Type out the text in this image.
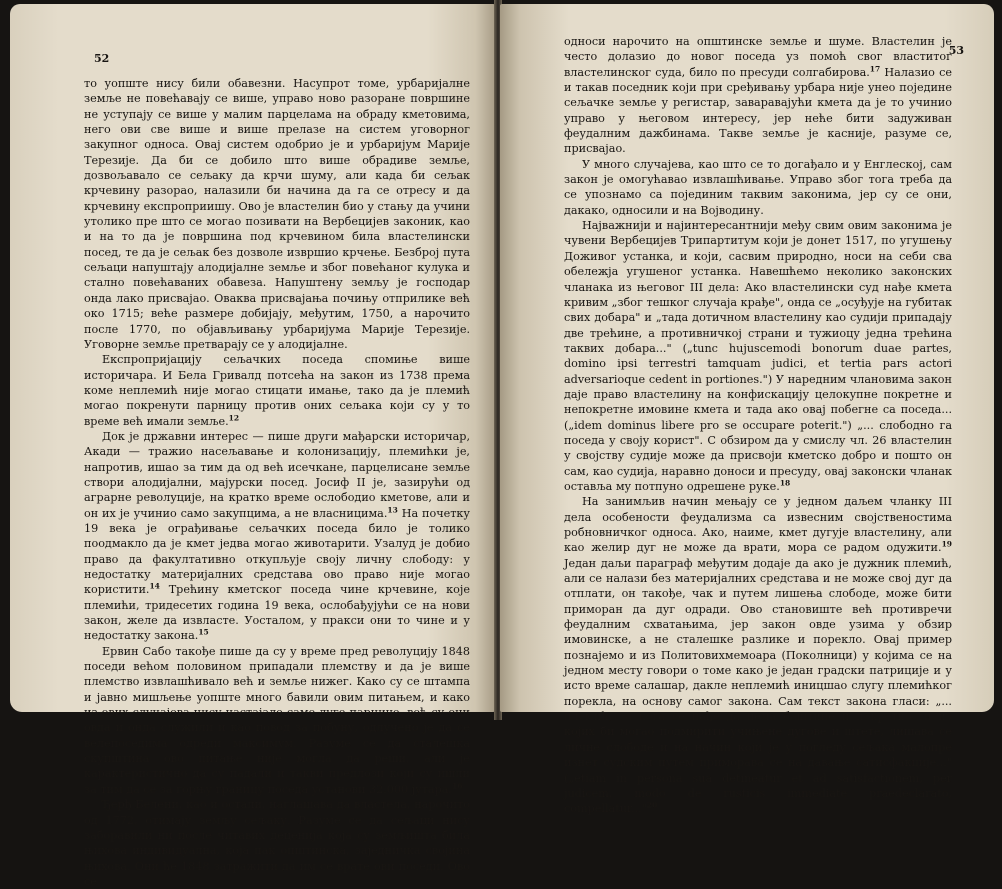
52

то уопште нису били обавезни. Насупрот томе, урбаријалне земље не повећавају се више, управо ново разоране површине не уступају се више у малим парцелама на обраду кметовима, него ови све више и више прелазе на систем уговорног закупног односа. Овај систем одобрио је и урбаријум Марије Терезије. Да би се добило што више обрадиве земље, дозвољавало се сељаку да крчи шуму, али када би сељак крчевину разорао, налазили би начина да га се отресу и да крчевину експроприишу. Ово је властелин био у стању да учини утолико пре што се могао позивати на Вербецијев законик, као и на то да је површина под крчевином била властелински посед, те да је сељак без дозволе извршио крчење. Безброј пута сељаци напуштају алодијалне земље и због повећаног кулука и стално повећаваних обавеза. Напуштену земљу је господар онда лако присвајао. Оваква присвајања почињу отприлике већ око 1715; веће размере добијају, међутим, 1750, а нарочито после 1770, по објављивању урбаријума Марије Терезије. Уговорне земље претварају се у алодијалне.

Експропријацију сељачких поседа спомиње више историчара. И Бела Гривалд потсећа на закон из 1738 према коме неплемић није могао стицати имање, тако да је племић могао покренути парницу против оних сељака који су у то време већ имали земље.$^{12}$

Док је државни интерес — пише други мађарски историчар, Акади — тражио насељавање и колонизацију, племићки је, напротив, ишао за тим да од већ исечкане, парцелисане земље створи алодијални, мајурски посед. Јосиф II је, зазирући од аграрне револуције, на кратко време ослободио кметове, али и он их је учинио само закупцима, а не власницима.$^{13}$ На почетку 19 века је ограђивање сељачких поседа било је толико поодмакло да је кмет једва могао живот​арити. Узалуд је добио право да факултативно откупљује своју личну слободу: у недостатку материјалних средстава ово право није могао користити.$^{14}$ Трећину кметског поседа чине крчевине, које племићи, тридесетих година 19 века, ослобађујући се на нови закон, желе да извласте. Уосталом, у пракси они то чине и у недостатку закона.$^{15}$

Ервин Сабо такође пише да су у време пред револуцију 1848 поседи већом половином припадали племству и да је више племство извлашћивало већ и земље нижег. Како су се штампа и јавно мишљење уопште много бавили овим питањем, и како из ових случајева нису настајале само дуге парнице, већ су они овда и онда служили и као повод за побуну, одлучено је да се велепоседима одреди максимум. Разуме се да сталешка скупштина ово питање није могла да реши, али је карактеристично да су падали и такви предлози који су ишли за тим да се за горњу границу поседа установи 32.000 јутара.$^{16}$

Ђерђ Белени, као и остали, наглашава да властела, нарочито од 1772, отимају земљу сељаку. Разуме се да сељаци нису заборавили ни после читавих деценија која су земљишта била њихова индивидуална, која пак општинска, заједничка својина њихова. Они ће 1848 затражити да им се врате ови поседи. Ово се

53

односи нарочито на општинске земље и шуме. Властелин је често долазио до новог поседа уз помоћ свог властитог властелинског суда, било по пресуди солгабирова.$^{17}$ Налазио се и такав поседник који при сређивању урбара није унео поједине сељачке земље у регистар, заваравајући кмета да је то учинио управо у његовом интересу, јер неће бити задуживан феудалним дажбинама. Такве земље је касније, разуме се, присвајао.

У много случајева, као што се то догађало и у Енглеској, сам закон је омогућавао извлашћивање. Управо због тога треба да се упознамо са појединим таквим законима, јер су се они, дакако, односили и на Војводину.

Најважнији и најинтересантнији међу свим овим законима је чувени Вербецијев Трипартитум који је донет 1517, по угушењу Доживог устанка, и који, сасвим природно, носи на себи сва обележја угушеног устанка. Навешћемо неколико законских чланака из његовог III дела: Ако властелински суд нађе кмета кривим „због тешког случаја крађе", онда се „осуђује на губитак свих добара" и „тада дотичном властелину као судији припадају две трећине, а противничкој страни и тужиоцу једна трећина таквих добара..." („tunc hujuscemodi bonorum duae partes, domino ipsi terrestri tamquam judici, et tertia pars actori adversarioque cedent in portiones.") У наредним члановима закон даје право властелину на конфискацију целокупне покретне и непокретне имовине кмета и тада ако овај побегне са поседа... („idem dominus libere pro se occupare poterit.") „... слободно га поседа у своју корист". С обзиром да у смислу чл. 26 властелин у својству судије може да присвоји кметско добро и пошто он сам, као судија, наравно доноси и пресуду, овај законски чланак оставља му потпуно одрешене руке.$^{18}$

На занимљив начин мењају се у једном даљем чланку III дела особености феудализма са извесним својственостима робновничког односа. Ако, наиме, кмет дугује властелину, али као желир дуг не може да врати, мора се радом одужити.$^{19}$ Један даљи параграф међутим додаје да ако је дужник племић, али се налази без материјалних средстава и не може свој дуг да отплати, он такође, чак и путем лишења слободе, може бити приморан да дуг одради. Ово становиште већ противречи феудалним схватањима, јер закон овде узима у обзир имовинске, а не сталешке разлике и порекло. Овај пример познајемо и из Политовихмемоара (Поколници) у којима се на једном месту говори о томе како је један градски патриције и у исто време салашар, дакле неплемић иницшао слугу племићког порекла, на основу самог закона. Сам текст закона гласи: „... племић, за кога се нађе да нема баштине и покретности из којих би могао подмирити учињене дугове и штете, лишава се личне слободе и на начин који је у погледу сељака малопре изнет судским путем приморава се на давање сатисфакције..." („etiam in persona sua detineatur et ad satisfactionem, per judicem, modo de rusticis immediate praedeclarato, compellatur..."$^{20}$
